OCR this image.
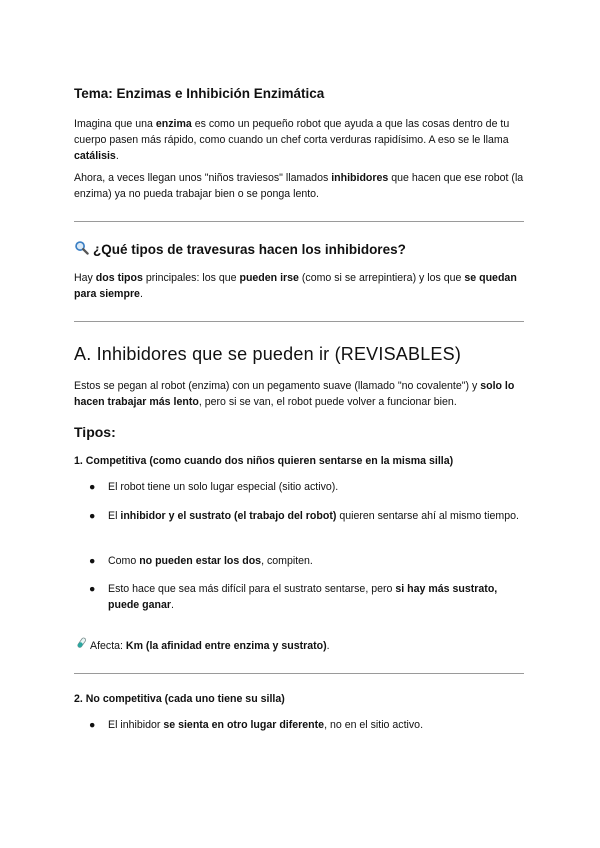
Tema: Enzimas e Inhibición Enzimática

Imagina que una enzima es como un pequeño robot que ayuda a que las cosas dentro de tu cuerpo pasen más rápido, como cuando un chef corta verduras rapidísimo. A eso se le llama catálisis.

Ahora, a veces llegan unos "niños traviesos" llamados inhibidores que hacen que ese robot (la enzima) ya no pueda trabajar bien o se ponga lento.

¿Qué tipos de travesuras hacen los inhibidores?

Hay dos tipos principales: los que pueden irse (como si se arrepintiera) y los que se quedan para siempre.

A. Inhibidores que se pueden ir (REVISABLES)

Estos se pegan al robot (enzima) con un pegamento suave (llamado "no covalente") y solo lo hacen trabajar más lento, pero si se van, el robot puede volver a funcionar bien.

Tipos:

1. Competitiva (como cuando dos niños quieren sentarse en la misma silla)

● El robot tiene un solo lugar especial (sitio activo).
● El inhibidor y el sustrato (el trabajo del robot) quieren sentarse ahí al mismo tiempo.
● Como no pueden estar los dos, compiten.
● Esto hace que sea más difícil para el sustrato sentarse, pero si hay más sustrato, puede ganar.

Afecta: Km (la afinidad entre enzima y sustrato).

2. No competitiva (cada uno tiene su silla)

● El inhibidor se sienta en otro lugar diferente, no en el sitio activo.
